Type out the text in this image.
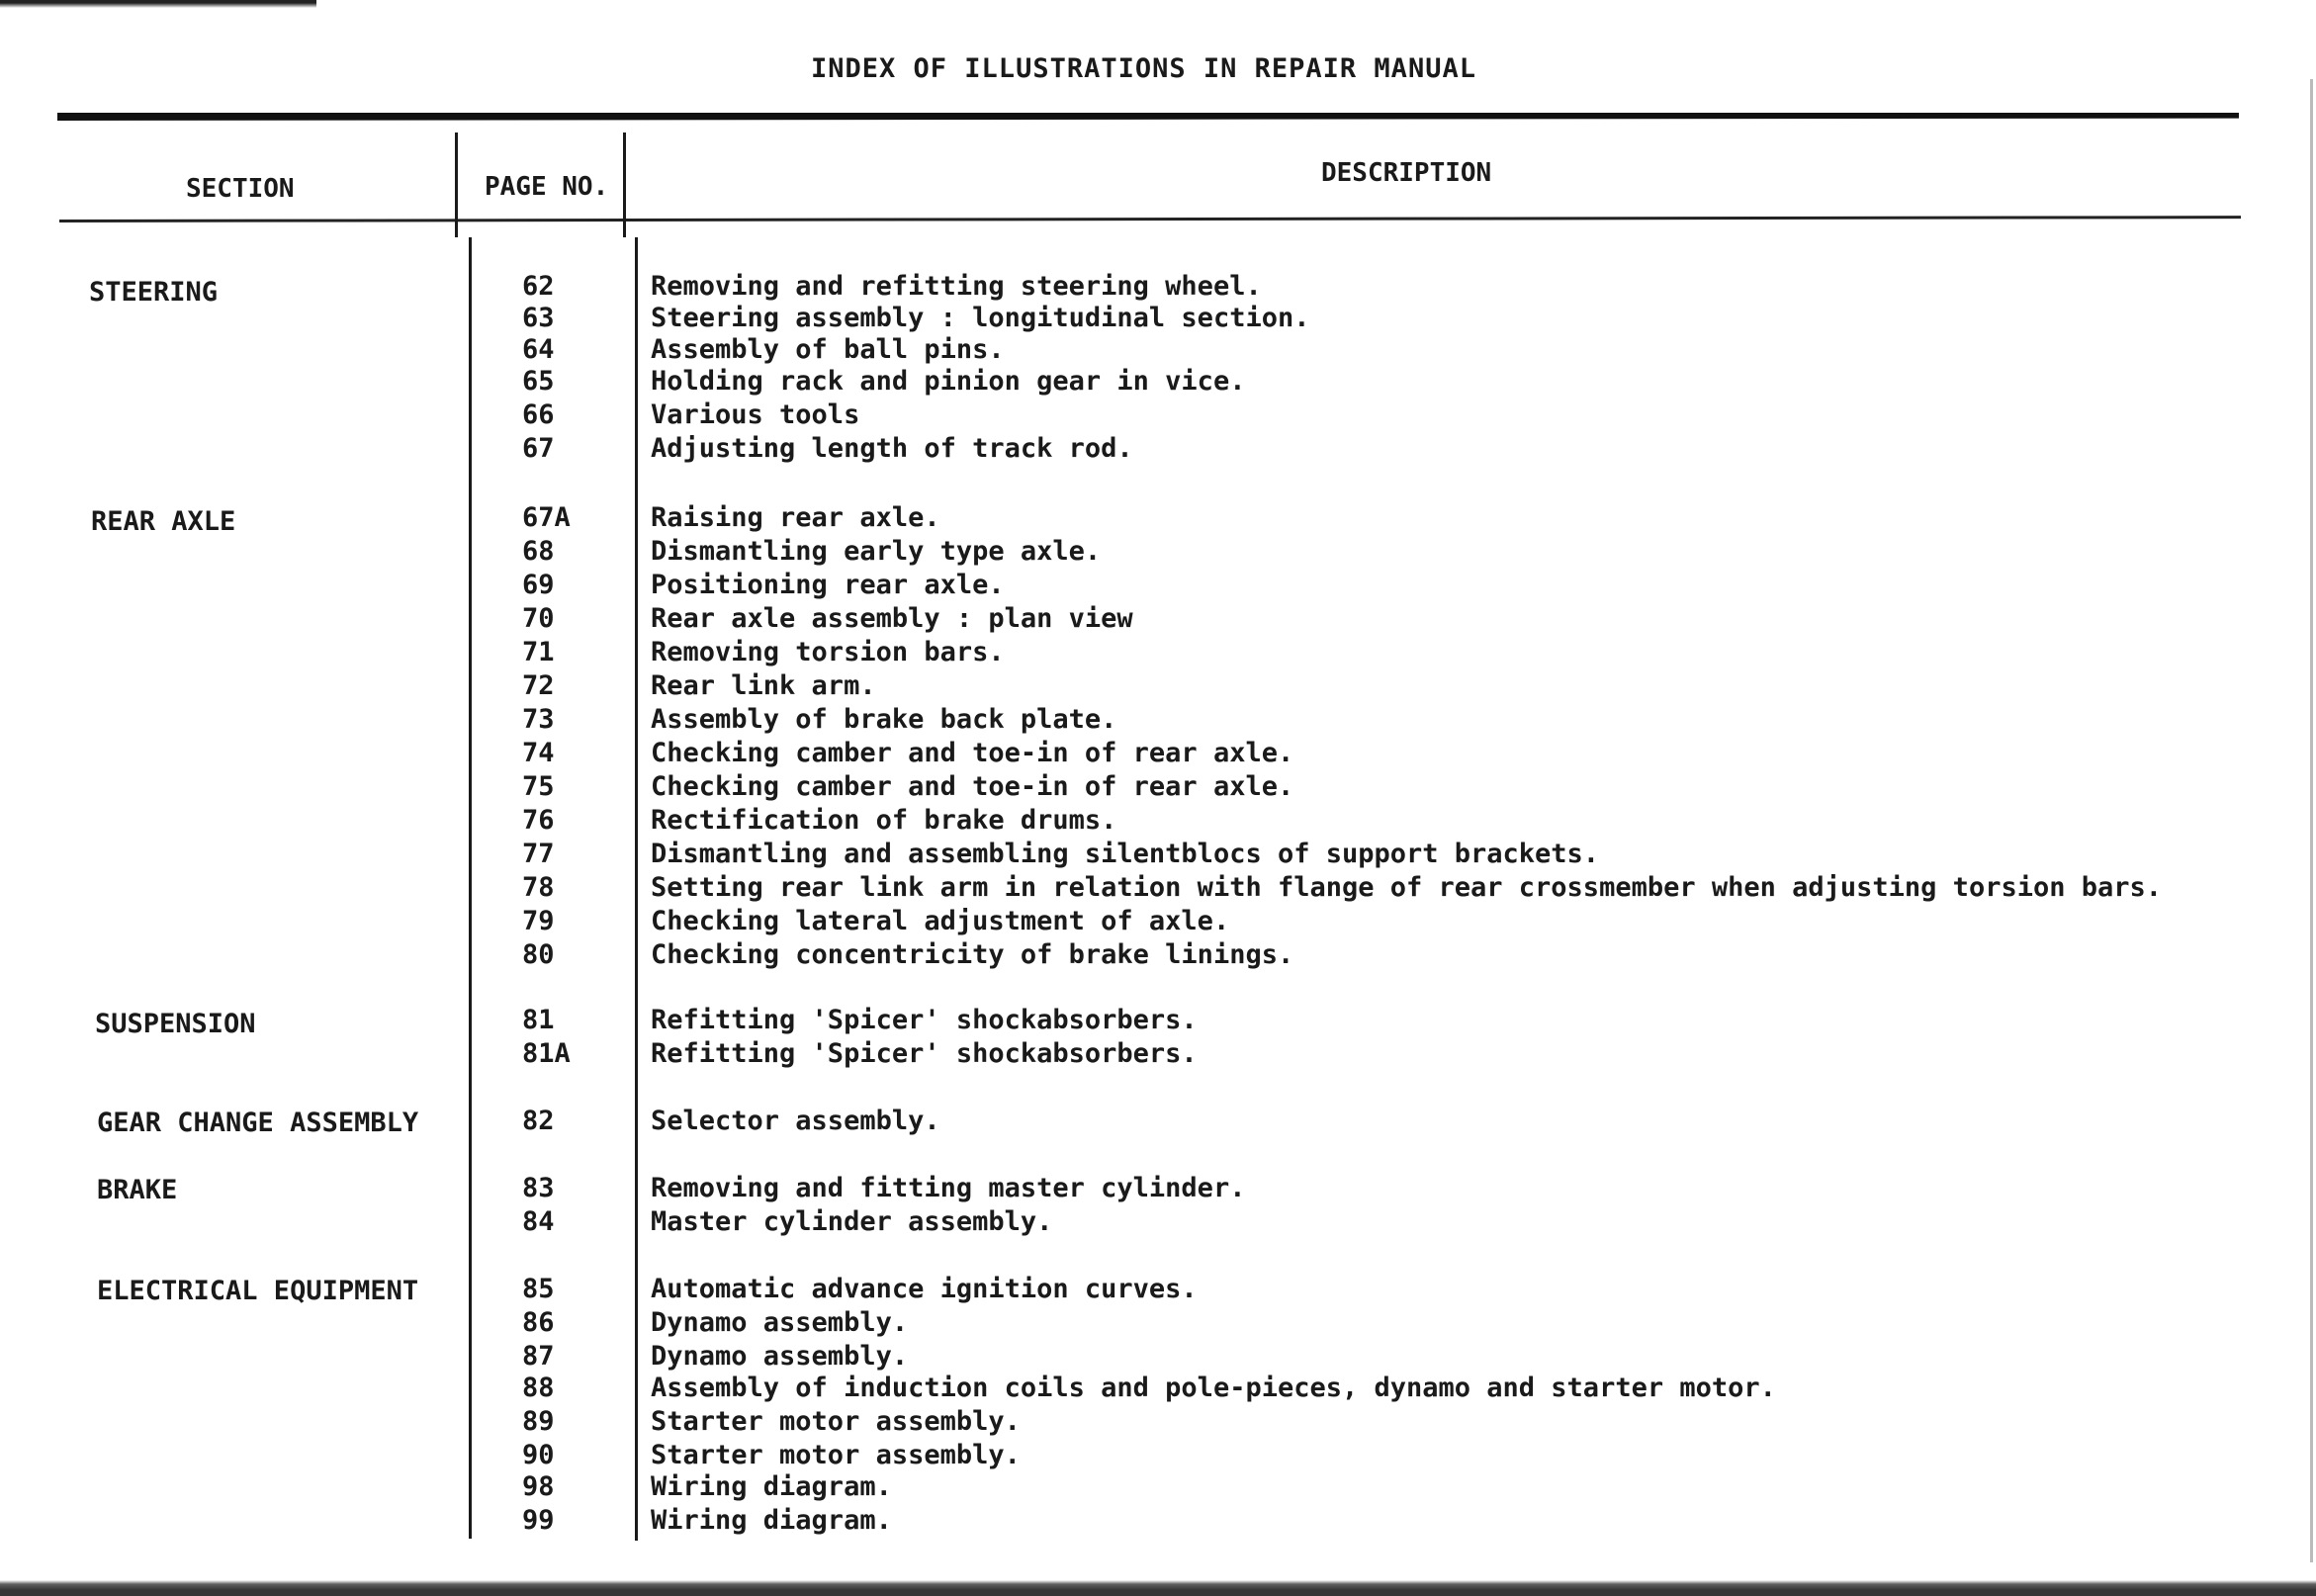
INDEX OF ILLUSTRATIONS IN REPAIR MANUAL
SECTION	PAGE NO.	DESCRIPTION
STEERING	62	Removing and refitting steering wheel.
63	Steering assembly : longitudinal section.
64	Assembly of ball pins.
65	Holding rack and pinion gear in vice.
66	Various tools
67	Adjusting length of track rod.
REAR AXLE	67A	Raising rear axle.
68	Dismantling early type axle.
69	Positioning rear axle.
70	Rear axle assembly : plan view
71	Removing torsion bars.
72	Rear link arm.
73	Assembly of brake back plate.
74	Checking camber and toe-in of rear axle.
75	Checking camber and toe-in of rear axle.
76	Rectification of brake drums.
77	Dismantling and assembling silentblocs of support brackets.
78	Setting rear link arm in relation with flange of rear crossmember when adjusting torsion bars.
79	Checking lateral adjustment of axle.
80	Checking concentricity of brake linings.
SUSPENSION	81	Refitting 'Spicer' shockabsorbers.
81A	Refitting 'Spicer' shockabsorbers.
GEAR CHANGE ASSEMBLY	82	Selector assembly.
BRAKE	83	Removing and fitting master cylinder.
84	Master cylinder assembly.
ELECTRICAL EQUIPMENT	85	Automatic advance ignition curves.
86	Dynamo assembly.
87	Dynamo assembly.
88	Assembly of induction coils and pole-pieces, dynamo and starter motor.
89	Starter motor assembly.
90	Starter motor assembly.
98	Wiring diagram.
99	Wiring diagram.
